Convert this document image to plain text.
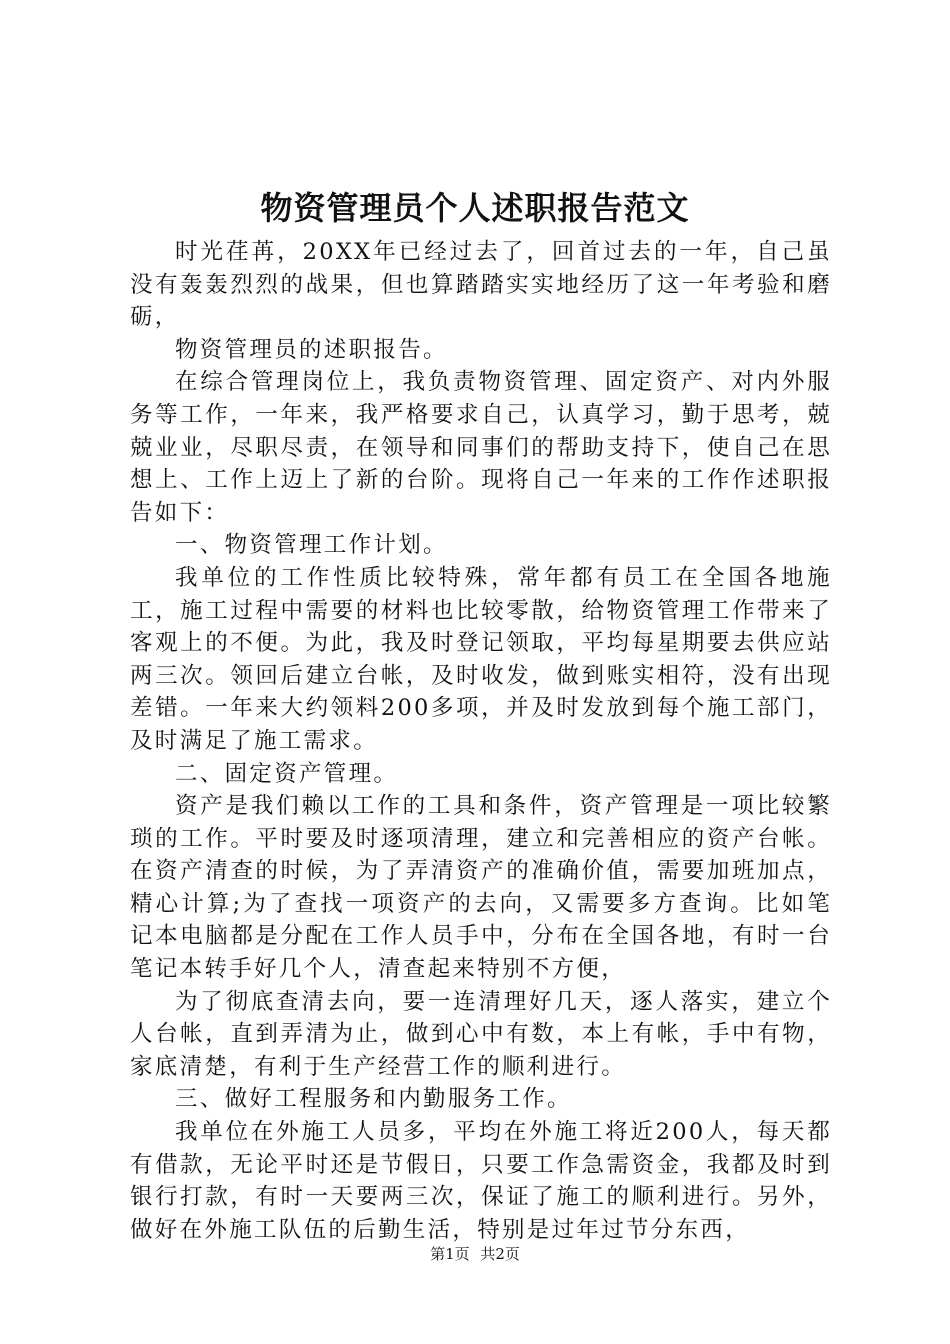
物资管理员个人述职报告范文

时光荏苒，20XX年已经过去了，回首过去的一年，自己虽没有轰轰烈烈的战果，但也算踏踏实实地经历了这一年考验和磨砺，

物资管理员的述职报告。

在综合管理岗位上，我负责物资管理、固定资产、对内外服务等工作，一年来，我严格要求自己，认真学习，勤于思考，兢兢业业，尽职尽责，在领导和同事们的帮助支持下，使自己在思想上、工作上迈上了新的台阶。现将自己一年来的工作作述职报告如下：

一、物资管理工作计划。

我单位的工作性质比较特殊，常年都有员工在全国各地施工，施工过程中需要的材料也比较零散，给物资管理工作带来了客观上的不便。为此，我及时登记领取，平均每星期要去供应站两三次。领回后建立台帐，及时收发，做到账实相符，没有出现差错。一年来大约领料200多项，并及时发放到每个施工部门，及时满足了施工需求。

二、固定资产管理。

资产是我们赖以工作的工具和条件，资产管理是一项比较繁琐的工作。平时要及时逐项清理，建立和完善相应的资产台帐。在资产清查的时候，为了弄清资产的准确价值，需要加班加点，精心计算;为了查找一项资产的去向，又需要多方查询。比如笔记本电脑都是分配在工作人员手中，分布在全国各地，有时一台笔记本转手好几个人，清查起来特别不方便，

为了彻底查清去向，要一连清理好几天，逐人落实，建立个人台帐，直到弄清为止，做到心中有数，本上有帐，手中有物，家底清楚，有利于生产经营工作的顺利进行。

三、做好工程服务和内勤服务工作。

我单位在外施工人员多，平均在外施工将近200人，每天都有借款，无论平时还是节假日，只要工作急需资金，我都及时到银行打款，有时一天要两三次，保证了施工的顺利进行。另外，做好在外施工队伍的后勤生活，特别是过年过节分东西，

第1页 共2页
